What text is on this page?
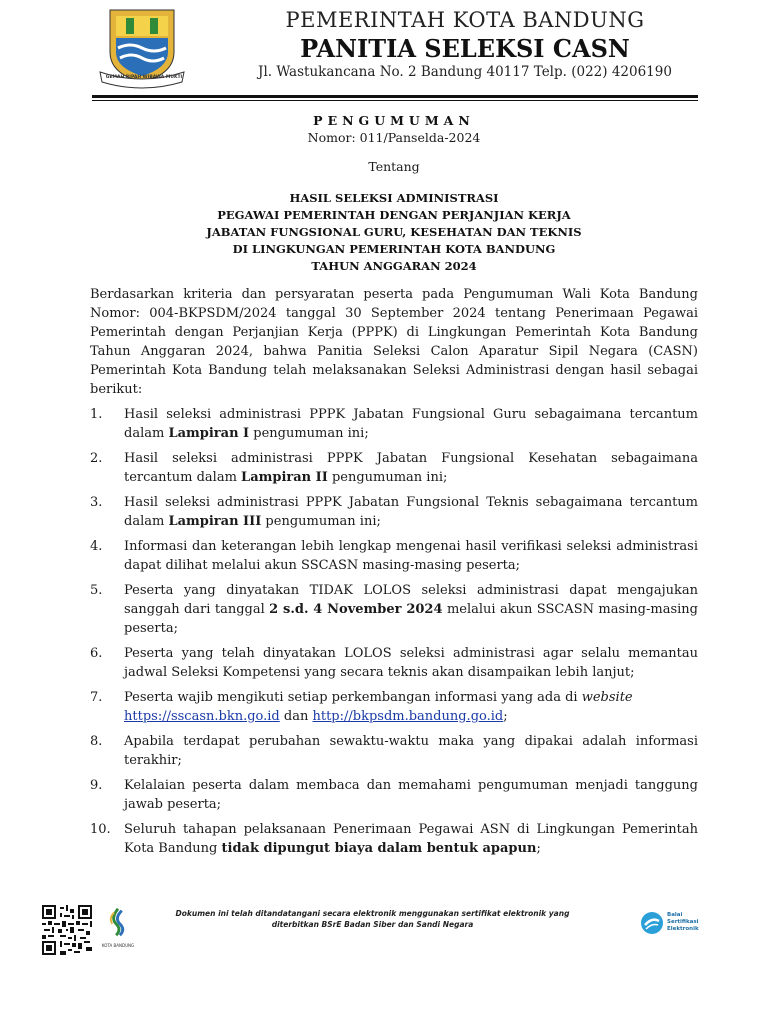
GEMAH RIPAH WIBAWA MUKTI
PEMERINTAH KOTA BANDUNG
PANITIA SELEKSI CASN
Jl. Wastukancana No. 2 Bandung 40117 Telp. (022) 4206190
PENGUMUMAN
Nomor: 011/Panselda-2024
Tentang
HASIL SELEKSI ADMINISTRASI
PEGAWAI PEMERINTAH DENGAN PERJANJIAN KERJA
JABATAN FUNGSIONAL GURU, KESEHATAN DAN TEKNIS
DI LINGKUNGAN PEMERINTAH KOTA BANDUNG
TAHUN ANGGARAN 2024

Berdasarkan kriteria dan persyaratan peserta pada Pengumuman Wali Kota Bandung Nomor: 004-BKPSDM/2024 tanggal 30 September 2024 tentang Penerimaan Pegawai Pemerintah dengan Perjanjian Kerja (PPPK) di Lingkungan Pemerintah Kota Bandung Tahun Anggaran 2024, bahwa Panitia Seleksi Calon Aparatur Sipil Negara (CASN) Pemerintah Kota Bandung telah melaksanakan Seleksi Administrasi dengan hasil sebagai berikut:

1.	Hasil seleksi administrasi PPPK Jabatan Fungsional Guru sebagaimana tercantum dalam Lampiran I pengumuman ini;
2.	Hasil seleksi administrasi PPPK Jabatan Fungsional Kesehatan sebagaimana tercantum dalam Lampiran II pengumuman ini;
3.	Hasil seleksi administrasi PPPK Jabatan Fungsional Teknis sebagaimana tercantum dalam Lampiran III pengumuman ini;
4.	Informasi dan keterangan lebih lengkap mengenai hasil verifikasi seleksi administrasi dapat dilihat melalui akun SSCASN masing-masing peserta;
5.	Peserta yang dinyatakan TIDAK LOLOS seleksi administrasi dapat mengajukan sanggah dari tanggal 2 s.d. 4 November 2024 melalui akun SSCASN masing-masing peserta;
6.	Peserta yang telah dinyatakan LOLOS seleksi administrasi agar selalu memantau jadwal Seleksi Kompetensi yang secara teknis akan disampaikan lebih lanjut;
7.	Peserta wajib mengikuti setiap perkembangan informasi yang ada di website
https://sscasn.bkn.go.id dan http://bkpsdm.bandung.go.id;
8.	Apabila terdapat perubahan sewaktu-waktu maka yang dipakai adalah informasi terakhir;
9.	Kelalaian peserta dalam membaca dan memahami pengumuman menjadi tanggung jawab peserta;
10.	Seluruh tahapan pelaksanaan Penerimaan Pegawai ASN di Lingkungan Pemerintah Kota Bandung tidak dipungut biaya dalam bentuk apapun;
KOTA BANDUNG
Dokumen ini telah ditandatangani secara elektronik menggunakan sertifikat elektronik yang
diterbitkan BSrE Badan Siber dan Sandi Negara
Balai
Sertifikasi
Elektronik
